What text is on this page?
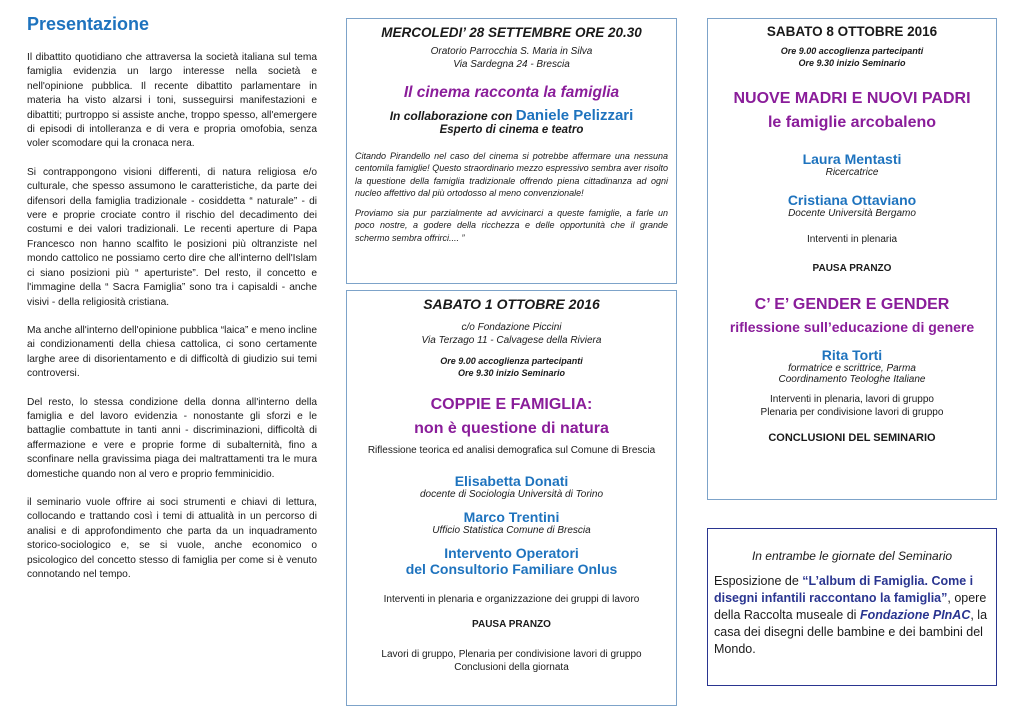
Presentazione

Il dibattito quotidiano che attraversa la società italiana sul tema famiglia evidenzia un largo interesse nella società e nell'opinione pubblica. Il recente dibattito parlamentare in materia ha visto alzarsi i toni, susseguirsi manifestazioni e dibattiti; purtroppo si assiste anche, troppo spesso, all'emergere di episodi di intolleranza e di vera e propria omofobia, senza voler scomodare qui la cronaca nera.

Si contrappongono visioni differenti, di natura religiosa e/o culturale, che spesso assumono le caratteristiche, da parte dei difensori della famiglia tradizionale - cosiddetta “ naturale” - di vere e proprie crociate contro il rischio del decadimento dei costumi e dei valori tradizionali. Le recenti aperture di Papa Francesco non hanno scalfito le posizioni più oltranziste nel mondo cattolico ne possiamo certo dire che all'interno dell'Islam ci siano posizioni più “ aperturiste”. Del resto, il concetto e l'immagine della “ Sacra Famiglia” sono tra i capisaldi - anche visivi - della religiosità cristiana.

Ma anche all'interno dell'opinione pubblica “laica” e meno incline ai condizionamenti della chiesa cattolica, ci sono certamente larghe aree di disorientamento e di difficoltà di giudizio sui temi controversi.

Del resto, lo stessa condizione della donna all'interno della famiglia e del lavoro evidenzia - nonostante gli sforzi e le battaglie combattute in tanti anni - discriminazioni, difficoltà di affermazione e vere e proprie forme di subalternità, fino a sconfinare nella gravissima piaga dei maltrattamenti tra le mura domestiche quando non al vero e proprio femminicidio.

il seminario vuole offrire ai soci strumenti e chiavi di lettura, collocando e trattando così i temi di attualità in un percorso di analisi e di approfondimento che parta da un inquadramento storico-sociologico e, se si vuole, anche economico o psicologico del concetto stesso di famiglia per come si è venuto connotando nel tempo.

MERCOLEDI’ 28 SETTEMBRE ORE 20.30

Oratorio Parrocchia S. Maria in Silva

Via Sardegna 24 - Brescia

Il cinema racconta la famiglia

In collaborazione con Daniele Pelizzari

Esperto di cinema e teatro

Citando Pirandello nel caso del cinema si potrebbe affermare una nessuna centomila famiglie! Questo straordinario mezzo espressivo sembra aver risolto la questione della famiglia tradizionale offrendo piena cittadinanza ad ogni nucleo affettivo dal più ortodosso al meno convenzionale!

Proviamo sia pur parzialmente ad avvicinarci a queste famiglie, a farle un poco nostre, a godere della ricchezza e delle opportunità che il grande schermo sembra offrirci.... ”

SABATO 1 OTTOBRE 2016

c/o Fondazione Piccini

Via Terzago 11 - Calvagese della Riviera

Ore 9.00 accoglienza partecipanti

Ore 9.30 inizio Seminario

COPPIE E FAMIGLIA:

non è questione di natura

Riflessione teorica ed analisi demografica sul Comune di Brescia

Elisabetta Donati

docente di Sociologia Università di Torino

Marco Trentini

Ufficio Statistica Comune di Brescia

Intervento Operatori

del Consultorio Familiare Onlus

Interventi in plenaria e organizzazione dei gruppi di lavoro

PAUSA PRANZO

Lavori di gruppo, Plenaria per condivisione lavori di gruppo

Conclusioni della giornata

SABATO 8 OTTOBRE 2016

Ore 9.00 accoglienza partecipanti

Ore 9.30 inizio Seminario

NUOVE MADRI E NUOVI PADRI

le famiglie arcobaleno

Laura Mentasti

Ricercatrice

Cristiana Ottaviano

Docente Università Bergamo

Interventi in plenaria

PAUSA PRANZO

C’ E’ GENDER E GENDER

riflessione sull’educazione di genere

Rita Torti

formatrice e scrittrice, Parma

Coordinamento Teologhe Italiane

Interventi in plenaria, lavori di gruppo

Plenaria per condivisione lavori di gruppo

CONCLUSIONI DEL SEMINARIO

In entrambe le giornate del Seminario

Esposizione de “L’album di Famiglia. Come i disegni infantili raccontano la famiglia”, opere della Raccolta museale di Fondazione PInAC, la casa dei disegni delle bambine e dei bambini del Mondo.
